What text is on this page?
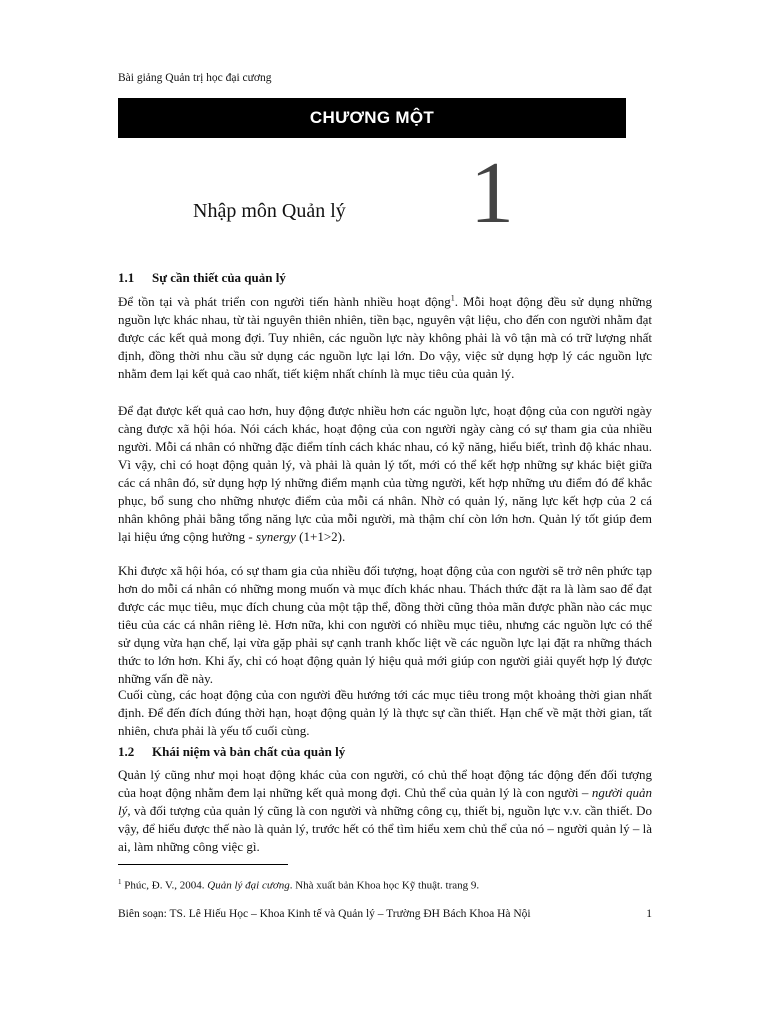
Bài giảng Quản trị học đại cương
CHƯƠNG MỘT
Nhập môn Quản lý 1
1.1 Sự cần thiết của quản lý

Để tồn tại và phát triển con người tiến hành nhiều hoạt động$^1$. Mỗi hoạt động đều sử dụng những nguồn lực khác nhau, từ tài nguyên thiên nhiên, tiền bạc, nguyên vật liệu, cho đến con người nhằm đạt được các kết quả mong đợi. Tuy nhiên, các nguồn lực này không phải là vô tận mà có trữ lượng nhất định, đồng thời nhu cầu sử dụng các nguồn lực lại lớn. Do vậy, việc sử dụng hợp lý các nguồn lực nhằm đem lại kết quả cao nhất, tiết kiệm nhất chính là mục tiêu của quản lý.

Để đạt được kết quả cao hơn, huy động được nhiều hơn các nguồn lực, hoạt động của con người ngày càng được xã hội hóa. Nói cách khác, hoạt động của con người ngày càng có sự tham gia của nhiều người. Mỗi cá nhân có những đặc điểm tính cách khác nhau, có kỹ năng, hiểu biết, trình độ khác nhau. Vì vậy, chỉ có hoạt động quản lý, và phải là quản lý tốt, mới có thể kết hợp những sự khác biệt giữa các cá nhân đó, sử dụng hợp lý những điểm mạnh của từng người, kết hợp những ưu điểm đó để khắc phục, bổ sung cho những nhược điểm của mỗi cá nhân. Nhờ có quản lý, năng lực kết hợp của 2 cá nhân không phải bằng tổng năng lực của mỗi người, mà thậm chí còn lớn hơn. Quản lý tốt giúp đem lại hiệu ứng cộng hưởng - synergy (1+1>2).

Khi được xã hội hóa, có sự tham gia của nhiều đối tượng, hoạt động của con người sẽ trở nên phức tạp hơn do mỗi cá nhân có những mong muốn và mục đích khác nhau. Thách thức đặt ra là làm sao để đạt được các mục tiêu, mục đích chung của một tập thể, đồng thời cũng thỏa mãn được phần nào các mục tiêu của các cá nhân riêng lẻ. Hơn nữa, khi con người có nhiều mục tiêu, nhưng các nguồn lực có thể sử dụng vừa hạn chế, lại vừa gặp phải sự cạnh tranh khốc liệt về các nguồn lực lại đặt ra những thách thức to lớn hơn. Khi ấy, chỉ có hoạt động quản lý hiệu quả mới giúp con người giải quyết hợp lý được những vấn đề này.

Cuối cùng, các hoạt động của con người đều hướng tới các mục tiêu trong một khoảng thời gian nhất định. Để đến đích đúng thời hạn, hoạt động quản lý là thực sự cần thiết. Hạn chế về mặt thời gian, tất nhiên, chưa phải là yếu tố cuối cùng.

1.2 Khái niệm và bản chất của quản lý

Quản lý cũng như mọi hoạt động khác của con người, có chủ thể hoạt động tác động đến đối tượng của hoạt động nhằm đem lại những kết quả mong đợi. Chủ thể của quản lý là con người – người quản lý, và đối tượng của quản lý cũng là con người và những công cụ, thiết bị, nguồn lực v.v. cần thiết. Do vậy, để hiểu được thế nào là quản lý, trước hết có thể tìm hiểu xem chủ thể của nó – người quản lý – là ai, làm những công việc gì.

$^1$ Phúc, Đ. V., 2004. Quản lý đại cương. Nhà xuất bản Khoa học Kỹ thuật. trang 9.
Biên soạn: TS. Lê Hiếu Học – Khoa Kinh tế và Quản lý – Trường ĐH Bách Khoa Hà Nội	1
